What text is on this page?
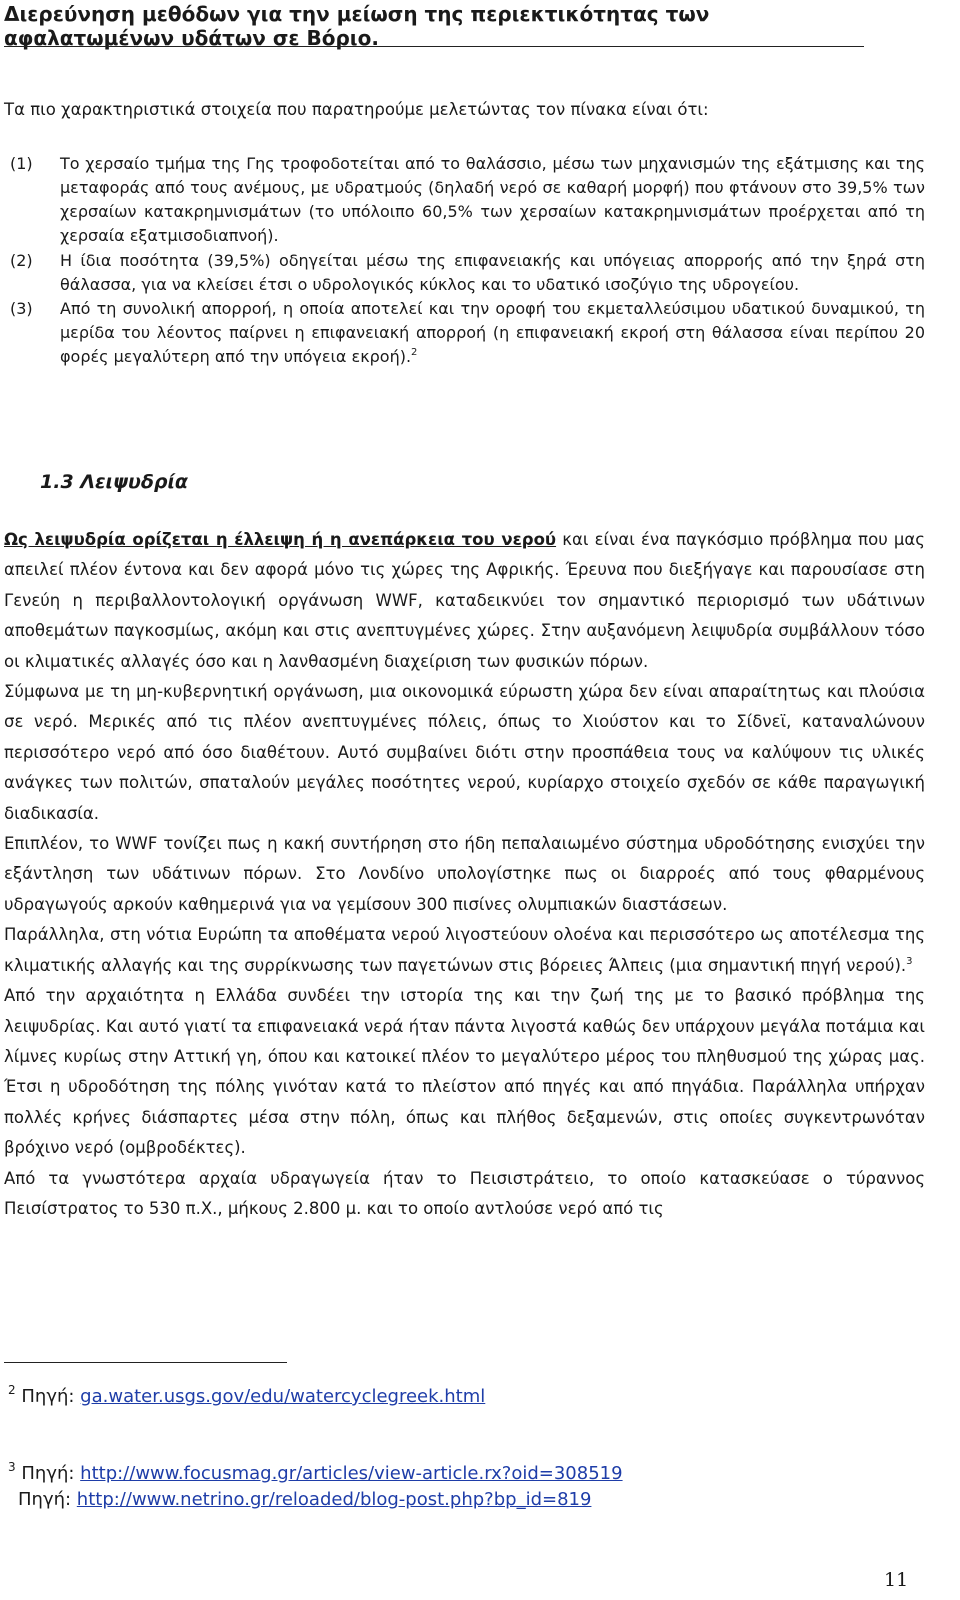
Διερεύνηση μεθόδων για την μείωση της περιεκτικότητας των αφαλατωμένων υδάτων σε Βόριο.

Τα πιο χαρακτηριστικά στοιχεία που παρατηρούμε μελετώντας τον πίνακα είναι ότι:

(1) Το χερσαίο τμήμα της Γης τροφοδοτείται από το θαλάσσιο, μέσω των μηχανισμών της εξάτμισης και της μεταφοράς από τους ανέμους, με υδρατμούς (δηλαδή νερό σε καθαρή μορφή) που φτάνουν στο 39,5% των χερσαίων κατακρημνισμάτων (το υπόλοιπο 60,5% των χερσαίων κατακρημνισμάτων προέρχεται από τη χερσαία εξατμισοδιαπνοή).
(2) Η ίδια ποσότητα (39,5%) οδηγείται μέσω της επιφανειακής και υπόγειας απορροής από την ξηρά στη θάλασσα, για να κλείσει έτσι ο υδρολογικός κύκλος και το υδατικό ισοζύγιο της υδρογείου.
(3) Από τη συνολική απορροή, η οποία αποτελεί και την οροφή του εκμεταλλεύσιμου υδατικού δυναμικού, τη μερίδα του λέοντος παίρνει η επιφανειακή απορροή (η επιφανειακή εκροή στη θάλασσα είναι περίπου 20 φορές μεγαλύτερη από την υπόγεια εκροή).$^2$
1.3 Λειψυδρία

Ως λειψυδρία ορίζεται η έλλειψη ή η ανεπάρκεια του νερού και είναι ένα παγκόσμιο πρόβλημα που μας απειλεί πλέον έντονα και δεν αφορά μόνο τις χώρες της Αφρικής. Έρευνα που διεξήγαγε και παρουσίασε στη Γενεύη η περιβαλλοντολογική οργάνωση WWF, καταδεικνύει τον σημαντικό περιορισμό των υδάτινων αποθεμάτων παγκοσμίως, ακόμη και στις ανεπτυγμένες χώρες. Στην αυξανόμενη λειψυδρία συμβάλλουν τόσο οι κλιματικές αλλαγές όσο και η λανθασμένη διαχείριση των φυσικών πόρων.

Σύμφωνα με τη μη-κυβερνητική οργάνωση, μια οικονομικά εύρωστη χώρα δεν είναι απαραίτητως και πλούσια σε νερό. Μερικές από τις πλέον ανεπτυγμένες πόλεις, όπως το Χιούστον και το Σίδνεϊ, καταναλώνουν περισσότερο νερό από όσο διαθέτουν. Αυτό συμβαίνει διότι στην προσπάθεια τους να καλύψουν τις υλικές ανάγκες των πολιτών, σπαταλούν μεγάλες ποσότητες νερού, κυρίαρχο στοιχείο σχεδόν σε κάθε παραγωγική διαδικασία.

Επιπλέον, το WWF τονίζει πως η κακή συντήρηση στο ήδη πεπαλαιωμένο σύστημα υδροδότησης ενισχύει την εξάντληση των υδάτινων πόρων. Στο Λονδίνο υπολογίστηκε πως οι διαρροές από τους φθαρμένους υδραγωγούς αρκούν καθημερινά για να γεμίσουν 300 πισίνες ολυμπιακών διαστάσεων.

Παράλληλα, στη νότια Ευρώπη τα αποθέματα νερού λιγοστεύουν ολοένα και περισσότερο ως αποτέλεσμα της κλιματικής αλλαγής και της συρρίκνωσης των παγετώνων στις βόρειες Άλπεις (μια σημαντική πηγή νερού).$^3$

Από την αρχαιότητα η Ελλάδα συνδέει την ιστορία της και την ζωή της με το βασικό πρόβλημα της λειψυδρίας. Και αυτό γιατί τα επιφανειακά νερά ήταν πάντα λιγοστά καθώς δεν υπάρχουν μεγάλα ποτάμια και λίμνες κυρίως στην Αττική γη, όπου και κατοικεί πλέον το μεγαλύτερο μέρος του πληθυσμού της χώρας μας. Έτσι η υδροδότηση της πόλης γινόταν κατά το πλείστον από πηγές και από πηγάδια. Παράλληλα υπήρχαν πολλές κρήνες διάσπαρτες μέσα στην πόλη, όπως και πλήθος δεξαμενών, στις οποίες συγκεντρωνόταν βρόχινο νερό (ομβροδέκτες).

Από τα γνωστότερα αρχαία υδραγωγεία ήταν το Πεισιστράτειο, το οποίο κατασκεύασε ο τύραννος Πεισίστρατος το 530 π.Χ., μήκους 2.800 μ. και το οποίο αντλούσε νερό από τις

$^2$ Πηγή: ga.water.usgs.gov/edu/watercyclegreek.html

$^3$ Πηγή: http://www.focusmag.gr/articles/view-article.rx?oid=308519

Πηγή: http://www.netrino.gr/reloaded/blog-post.php?bp_id=819

11
